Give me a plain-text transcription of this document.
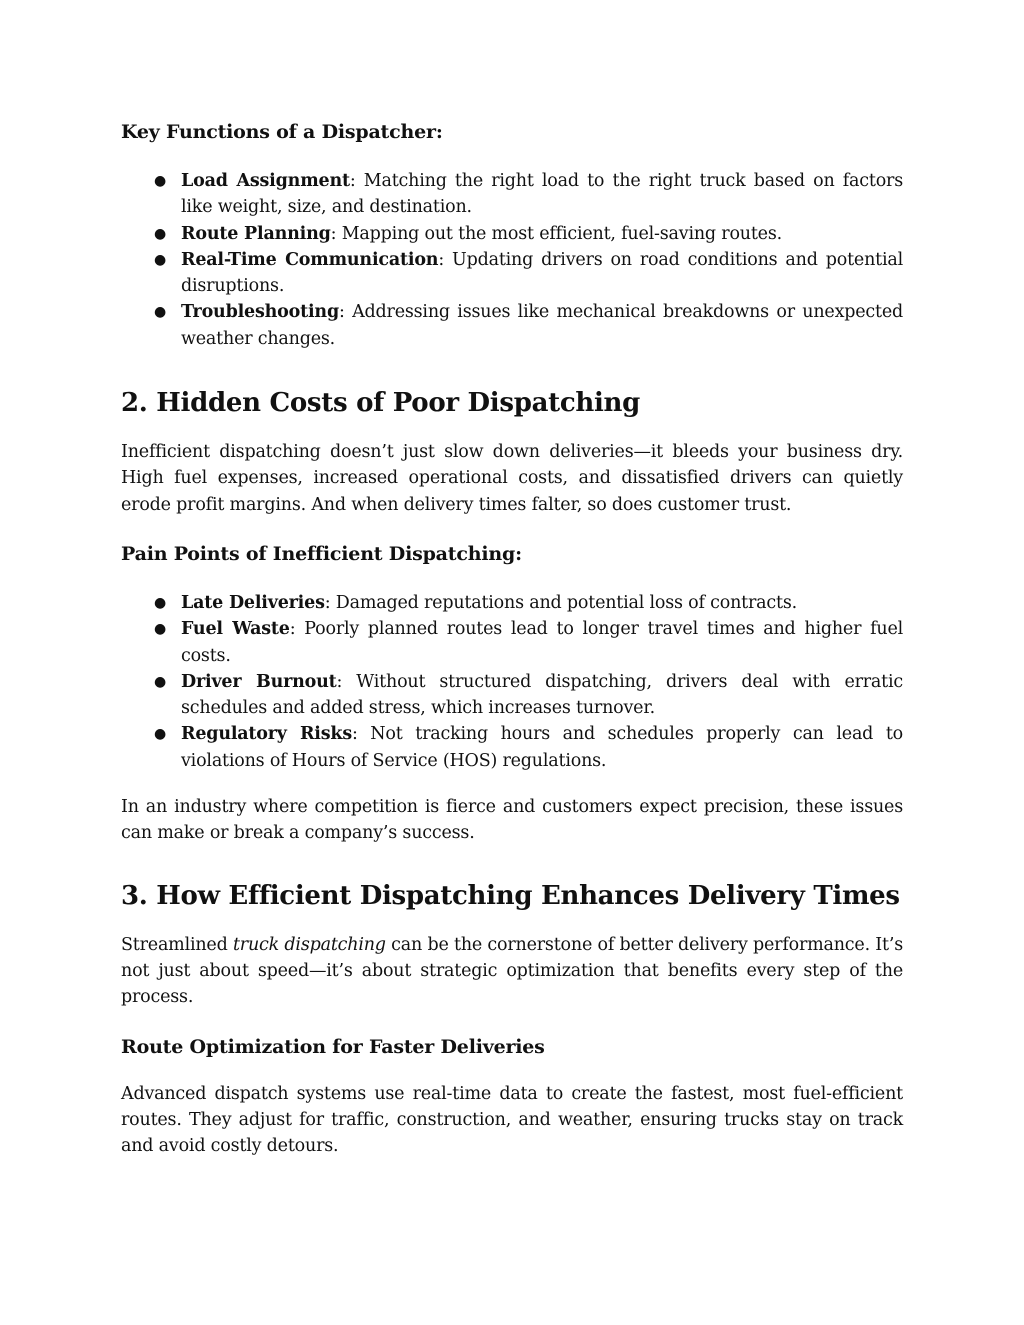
Key Functions of a Dispatcher:
● Load Assignment: Matching the right load to the right truck based on factors like weight, size, and destination.
● Route Planning: Mapping out the most efficient, fuel-saving routes.
● Real-Time Communication: Updating drivers on road conditions and potential disruptions.
● Troubleshooting: Addressing issues like mechanical breakdowns or unexpected weather changes.
2. Hidden Costs of Poor Dispatching

Inefficient dispatching doesn’t just slow down deliveries—it bleeds your business dry. High fuel expenses, increased operational costs, and dissatisfied drivers can quietly erode profit margins. And when delivery times falter, so does customer trust.

Pain Points of Inefficient Dispatching:
● Late Deliveries: Damaged reputations and potential loss of contracts.
● Fuel Waste: Poorly planned routes lead to longer travel times and higher fuel costs.
● Driver Burnout: Without structured dispatching, drivers deal with erratic schedules and added stress, which increases turnover.
● Regulatory Risks: Not tracking hours and schedules properly can lead to violations of Hours of Service (HOS) regulations.

In an industry where competition is fierce and customers expect precision, these issues can make or break a company’s success.

3. How Efficient Dispatching Enhances Delivery Times

Streamlined truck dispatching can be the cornerstone of better delivery performance. It’s not just about speed—it’s about strategic optimization that benefits every step of the process.

Route Optimization for Faster Deliveries

Advanced dispatch systems use real-time data to create the fastest, most fuel-efficient routes. They adjust for traffic, construction, and weather, ensuring trucks stay on track and avoid costly detours.
